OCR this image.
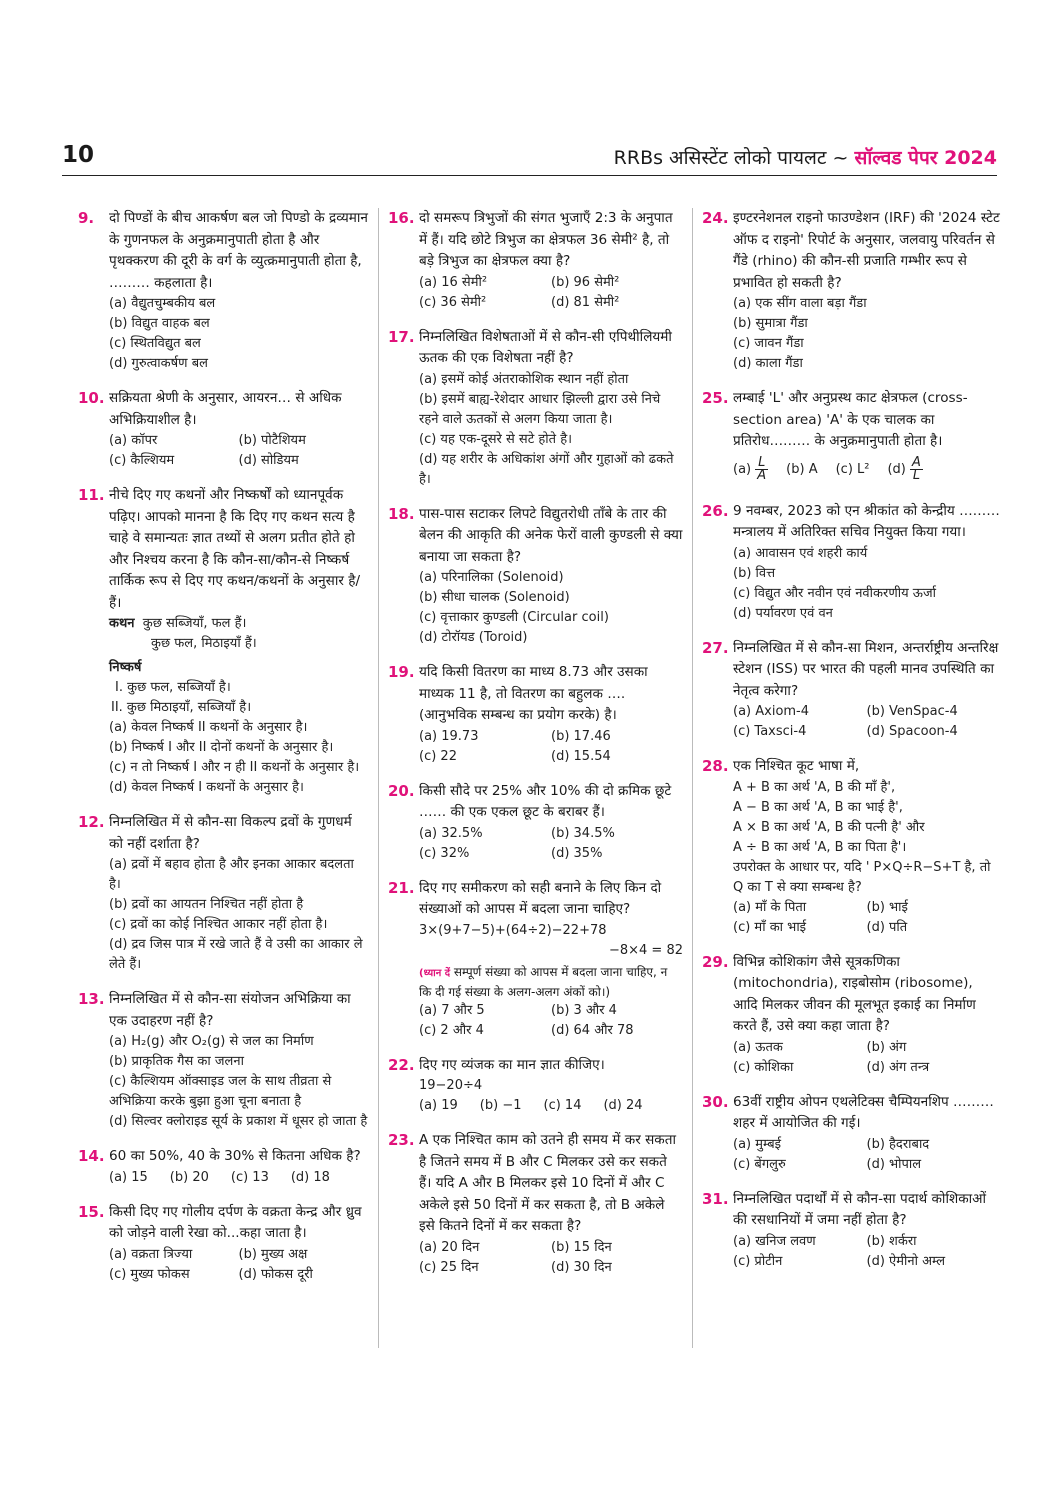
10	RRBs असिस्टेंट लोको पायलट ~ सॉल्वड पेपर 2024
9. दो पिण्डों के बीच आकर्षण बल जो पिण्डो के द्रव्यमान के गुणनफल के अनुक्रमानुपाती होता है और पृथक्करण की दूरी के वर्ग के व्युत्क्रमानुपाती होता है, ……… कहलाता है।
(a) वैद्युतचुम्बकीय बल
(b) विद्युत वाहक बल
(c) स्थितविद्युत बल
(d) गुरुत्वाकर्षण बल
10. सक्रियता श्रेणी के अनुसार, आयरन… से अधिक अभिक्रियाशील है।
(a) कॉपर	(b) पोटैशियम
(c) कैल्शियम	(d) सोडियम
11. नीचे दिए गए कथनों और निष्कर्षों को ध्यानपूर्वक पढ़िए। आपको मानना है कि दिए गए कथन सत्य है चाहे वे समान्यतः ज्ञात तथ्यों से अलग प्रतीत होते हो और निश्चय करना है कि कौन-सा/कौन-से निष्कर्ष तार्किक रूप से दिए गए कथन/कथनों के अनुसार है/हैं।
कथन कुछ सब्जियाँ, फल हैं।
कुछ फल, मिठाइयाँ हैं।
निष्कर्ष
I. कुछ फल, सब्जियाँ है।
II. कुछ मिठाइयाँ, सब्जियाँ है।
(a) केवल निष्कर्ष II कथनों के अनुसार है।
(b) निष्कर्ष I और II दोनों कथनों के अनुसार है।
(c) न तो निष्कर्ष I और न ही II कथनों के अनुसार है।
(d) केवल निष्कर्ष I कथनों के अनुसार है।
12. निम्नलिखित में से कौन-सा विकल्प द्रवों के गुणधर्म को नहीं दर्शाता है?
(a) द्रवों में बहाव होता है और इनका आकार बदलता है।
(b) द्रवों का आयतन निश्चित नहीं होता है
(c) द्रवों का कोई निश्चित आकार नहीं होता है।
(d) द्रव जिस पात्र में रखे जाते हैं वे उसी का आकार ले लेते हैं।
13. निम्नलिखित में से कौन-सा संयोजन अभिक्रिया का एक उदाहरण नहीं है?
(a) H₂(g) और O₂(g) से जल का निर्माण
(b) प्राकृतिक गैस का जलना
(c) कैल्शियम ऑक्साइड जल के साथ तीव्रता से अभिक्रिया करके बुझा हुआ चूना बनाता है
(d) सिल्वर क्लोराइड सूर्य के प्रकाश में धूसर हो जाता है
14. 60 का 50%, 40 के 30% से कितना अधिक है?
(a) 15 (b) 20 (c) 13 (d) 18
15. किसी दिए गए गोलीय दर्पण के वक्रता केन्द्र और ध्रुव को जोड़ने वाली रेखा को...कहा जाता है।
(a) वक्रता त्रिज्या	(b) मुख्य अक्ष
(c) मुख्य फोकस	(d) फोकस दूरी
16. दो समरूप त्रिभुजों की संगत भुजाएँ 2:3 के अनुपात में हैं। यदि छोटे त्रिभुज का क्षेत्रफल 36 सेमी² है, तो बड़े त्रिभुज का क्षेत्रफल क्या है?
(a) 16 सेमी²	(b) 96 सेमी²
(c) 36 सेमी²	(d) 81 सेमी²
17. निम्नलिखित विशेषताओं में से कौन-सी एपिथीलियमी ऊतक की एक विशेषता नहीं है?
(a) इसमें कोई अंतराकोशिक स्थान नहीं होता
(b) इसमें बाह्य-रेशेदार आधार झिल्ली द्वारा उसे निचे रहने वाले ऊतकों से अलग किया जाता है।
(c) यह एक-दूसरे से सटे होते है।
(d) यह शरीर के अधिकांश अंगों और गुहाओं को ढकते है।
18. पास-पास सटाकर लिपटे विद्युतरोधी ताँबे के तार की बेलन की आकृति की अनेक फेरों वाली कुण्डली से क्या बनाया जा सकता है?
(a) परिनालिका (Solenoid)
(b) सीधा चालक (Solenoid)
(c) वृत्ताकार कुण्डली (Circular coil)
(d) टोरॉयड (Toroid)
19. यदि किसी वितरण का माध्य 8.73 और उसका माध्यक 11 है, तो वितरण का बहुलक …. (आनुभविक सम्बन्ध का प्रयोग करके) है।
(a) 19.73	(b) 17.46
(c) 22	(d) 15.54
20. किसी सौदे पर 25% और 10% की दो क्रमिक छूटे …… की एक एकल छूट के बराबर हैं।
(a) 32.5%	(b) 34.5%
(c) 32%	(d) 35%
21. दिए गए समीकरण को सही बनाने के लिए किन दो संख्याओं को आपस में बदला जाना चाहिए?
3×(9+7−5)+(64÷2)−22+78
−8×4 = 82
(ध्यान दें सम्पूर्ण संख्या को आपस में बदला जाना चाहिए, न कि दी गई संख्या के अलग-अलग अंकों को।)
(a) 7 और 5	(b) 3 और 4
(c) 2 और 4	(d) 64 और 78
22. दिए गए व्यंजक का मान ज्ञात कीजिए।
19−20÷4
(a) 19 (b) −1 (c) 14 (d) 24
23. A एक निश्चित काम को उतने ही समय में कर सकता है जितने समय में B और C मिलकर उसे कर सकते हैं। यदि A और B मिलकर इसे 10 दिनों में और C अकेले इसे 50 दिनों में कर सकता है, तो B अकेले इसे कितने दिनों में कर सकता है?
(a) 20 दिन	(b) 15 दिन
(c) 25 दिन	(d) 30 दिन
24. इण्टरनेशनल राइनो फाउण्डेशन (IRF) की '2024 स्टेट ऑफ द राइनो' रिपोर्ट के अनुसार, जलवायु परिवर्तन से गैंडे (rhino) की कौन-सी प्रजाति गम्भीर रूप से प्रभावित हो सकती है?
(a) एक सींग वाला बड़ा गैंडा
(b) सुमात्रा गैंडा
(c) जावन गैंडा
(d) काला गैंडा
25. लम्बाई 'L' और अनुप्रस्थ काट क्षेत्रफल (cross-section area) 'A' के एक चालक का प्रतिरोध……… के अनुक्रमानुपाती होता है।
$(a) \frac{L}{A} (b)$ A (c) L² $(d) \frac{A}{L}$
26. 9 नवम्बर, 2023 को एन श्रीकांत को केन्द्रीय ……… मन्त्रालय में अतिरिक्त सचिव नियुक्त किया गया।
(a) आवासन एवं शहरी कार्य
(b) वित्त
(c) विद्युत और नवीन एवं नवीकरणीय ऊर्जा
(d) पर्यावरण एवं वन
27. निम्नलिखित में से कौन-सा मिशन, अन्तर्राष्ट्रीय अन्तरिक्ष स्टेशन (ISS) पर भारत की पहली मानव उपस्थिति का नेतृत्व करेगा?
(a) Axiom-4	(b) VenSpac-4
(c) Taxsci-4	(d) Spacoon-4
28. एक निश्चित कूट भाषा में,
A + B का अर्थ 'A, B की माँ है',
A − B का अर्थ 'A, B का भाई है',
A × B का अर्थ 'A, B की पत्नी है' और
A ÷ B का अर्थ 'A, B का पिता है'।
उपरोक्त के आधार पर, यदि ' P×Q÷R−S+T है, तो Q का T से क्या सम्बन्ध है?
(a) माँ के पिता	(b) भाई
(c) माँ का भाई	(d) पति
29. विभिन्न कोशिकांग जैसे सूत्रकणिका (mitochondria), राइबोसोम (ribosome), आदि मिलकर जीवन की मूलभूत इकाई का निर्माण करते हैं, उसे क्या कहा जाता है?
(a) ऊतक	(b) अंग
(c) कोशिका	(d) अंग तन्त्र
30. 63वीं राष्ट्रीय ओपन एथलेटिक्स चैम्पियनशिप ……… शहर में आयोजित की गई।
(a) मुम्बई	(b) हैदराबाद
(c) बेंगलुरु	(d) भोपाल
31. निम्नलिखित पदार्थों में से कौन-सा पदार्थ कोशिकाओं की रसधानियों में जमा नहीं होता है?
(a) खनिज लवण	(b) शर्करा
(c) प्रोटीन	(d) ऐमीनो अम्ल
